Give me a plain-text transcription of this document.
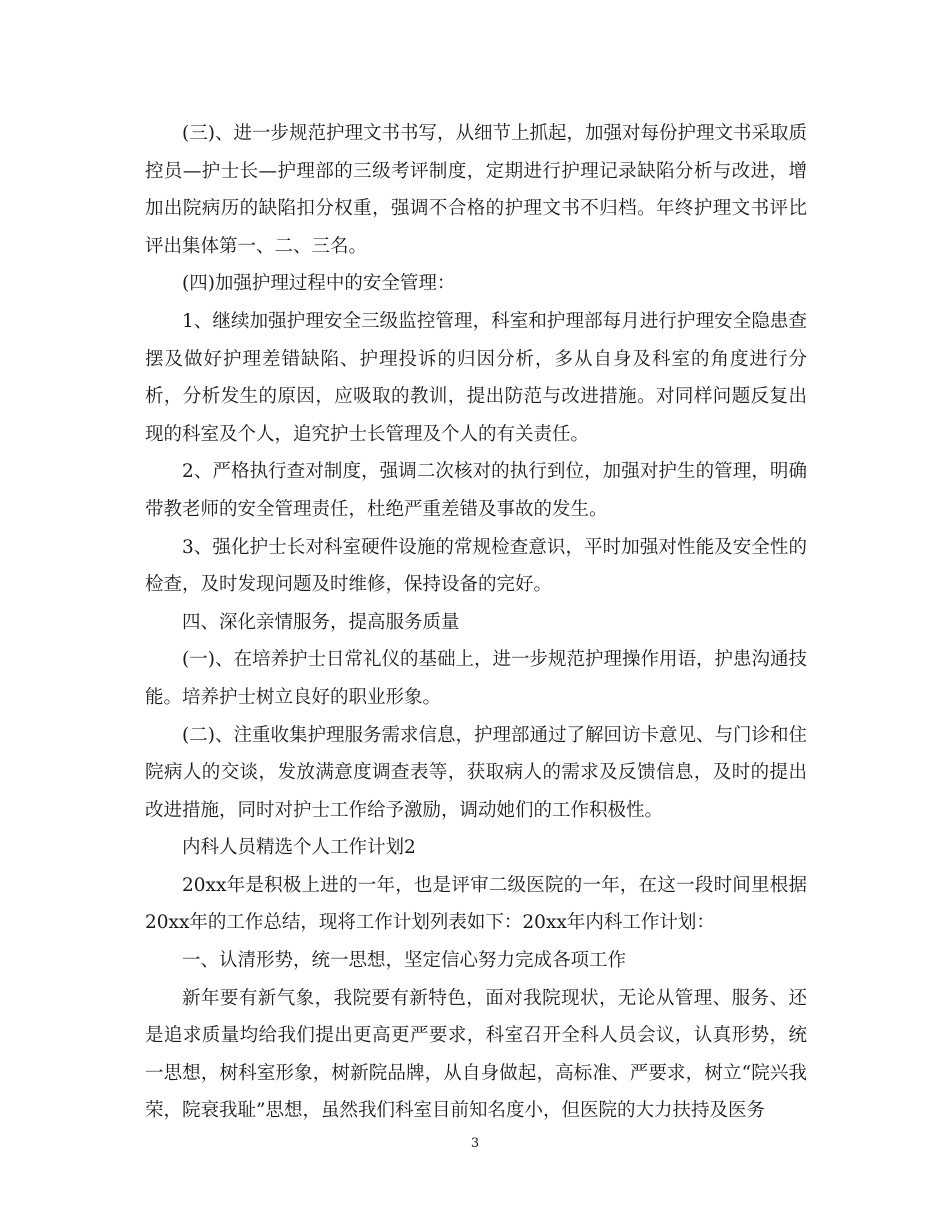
(三)、进一步规范护理文书书写，从细节上抓起，加强对每份护理文书采取质控员—护士长—护理部的三级考评制度，定期进行护理记录缺陷分析与改进，增加出院病历的缺陷扣分权重，强调不合格的护理文书不归档。年终护理文书评比评出集体第一、二、三名。

(四)加强护理过程中的安全管理：

1、继续加强护理安全三级监控管理，科室和护理部每月进行护理安全隐患查摆及做好护理差错缺陷、护理投诉的归因分析，多从自身及科室的角度进行分析，分析发生的原因，应吸取的教训，提出防范与改进措施。对同样问题反复出现的科室及个人，追究护士长管理及个人的有关责任。

2、严格执行查对制度，强调二次核对的执行到位，加强对护生的管理，明确带教老师的安全管理责任，杜绝严重差错及事故的发生。

3、强化护士长对科室硬件设施的常规检查意识，平时加强对性能及安全性的检查，及时发现问题及时维修，保持设备的完好。

四、深化亲情服务，提高服务质量

(一)、在培养护士日常礼仪的基础上，进一步规范护理操作用语，护患沟通技能。培养护士树立良好的职业形象。

(二)、注重收集护理服务需求信息，护理部通过了解回访卡意见、与门诊和住院病人的交谈，发放满意度调查表等，获取病人的需求及反馈信息，及时的提出改进措施，同时对护士工作给予激励，调动她们的工作积极性。

内科人员精选个人工作计划2

20xx年是积极上进的一年，也是评审二级医院的一年，在这一段时间里根据20xx年的工作总结，现将工作计划列表如下：20xx年内科工作计划：

一、认清形势，统一思想，坚定信心努力完成各项工作

新年要有新气象，我院要有新特色，面对我院现状，无论从管理、服务、还是追求质量均给我们提出更高更严要求，科室召开全科人员会议，认真形势，统一思想，树科室形象，树新院品牌，从自身做起，高标准、严要求，树立“院兴我荣，院衰我耻”思想，虽然我们科室目前知名度小，但医院的大力扶持及医务

3
